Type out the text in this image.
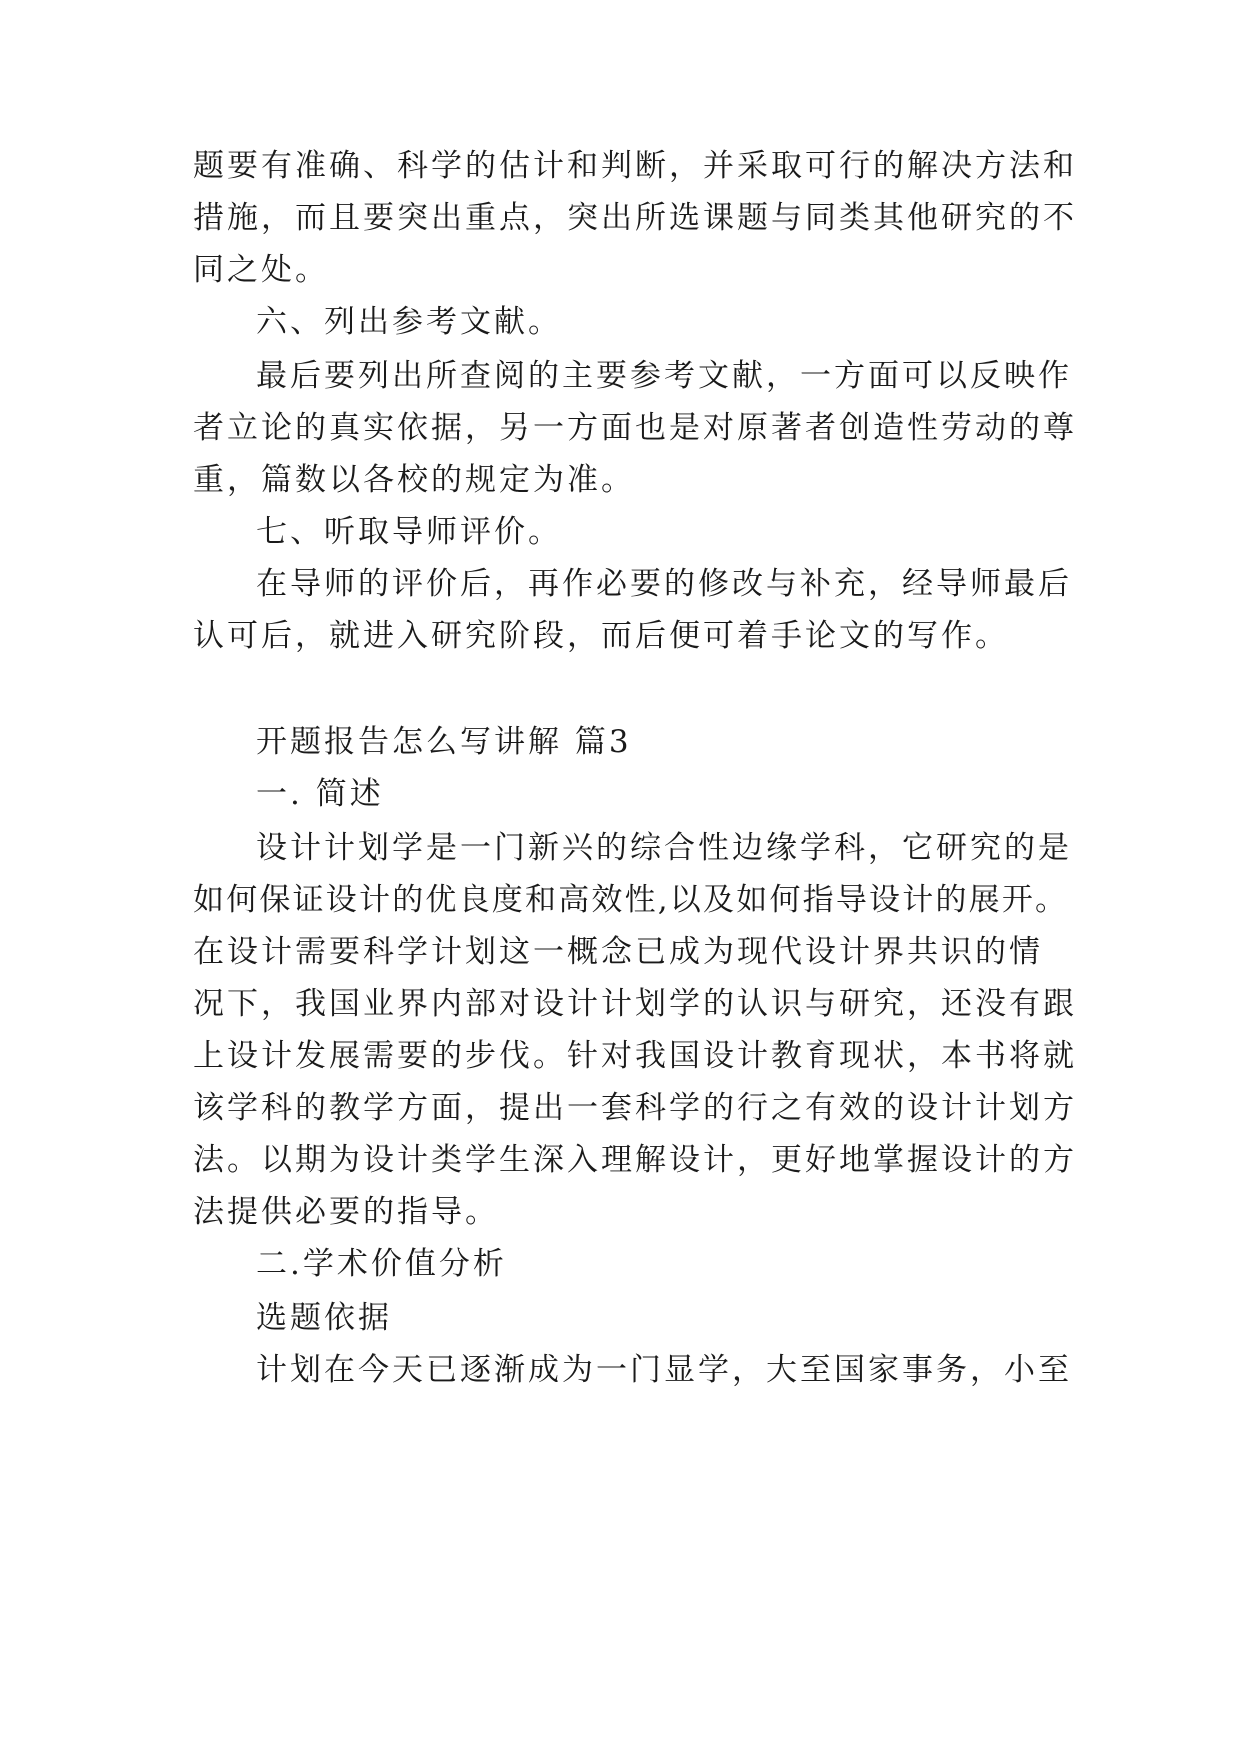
题要有准确、科学的估计和判断，并采取可行的解决方法和
措施，而且要突出重点，突出所选课题与同类其他研究的不
同之处。
六、列出参考文献。
最后要列出所查阅的主要参考文献，一方面可以反映作
者立论的真实依据，另一方面也是对原著者创造性劳动的尊
重，篇数以各校的规定为准。
七、听取导师评价。
在导师的评价后，再作必要的修改与补充，经导师最后
认可后，就进入研究阶段，而后便可着手论文的写作。
开题报告怎么写讲解 篇3
一. 简述
设计计划学是一门新兴的综合性边缘学科，它研究的是
如何保证设计的优良度和高效性,以及如何指导设计的展开。
在设计需要科学计划这一概念已成为现代设计界共识的情
况下，我国业界内部对设计计划学的认识与研究，还没有跟
上设计发展需要的步伐。针对我国设计教育现状，本书将就
该学科的教学方面，提出一套科学的行之有效的设计计划方
法。以期为设计类学生深入理解设计，更好地掌握设计的方
法提供必要的指导。
二.学术价值分析
选题依据
计划在今天已逐渐成为一门显学，大至国家事务，小至
